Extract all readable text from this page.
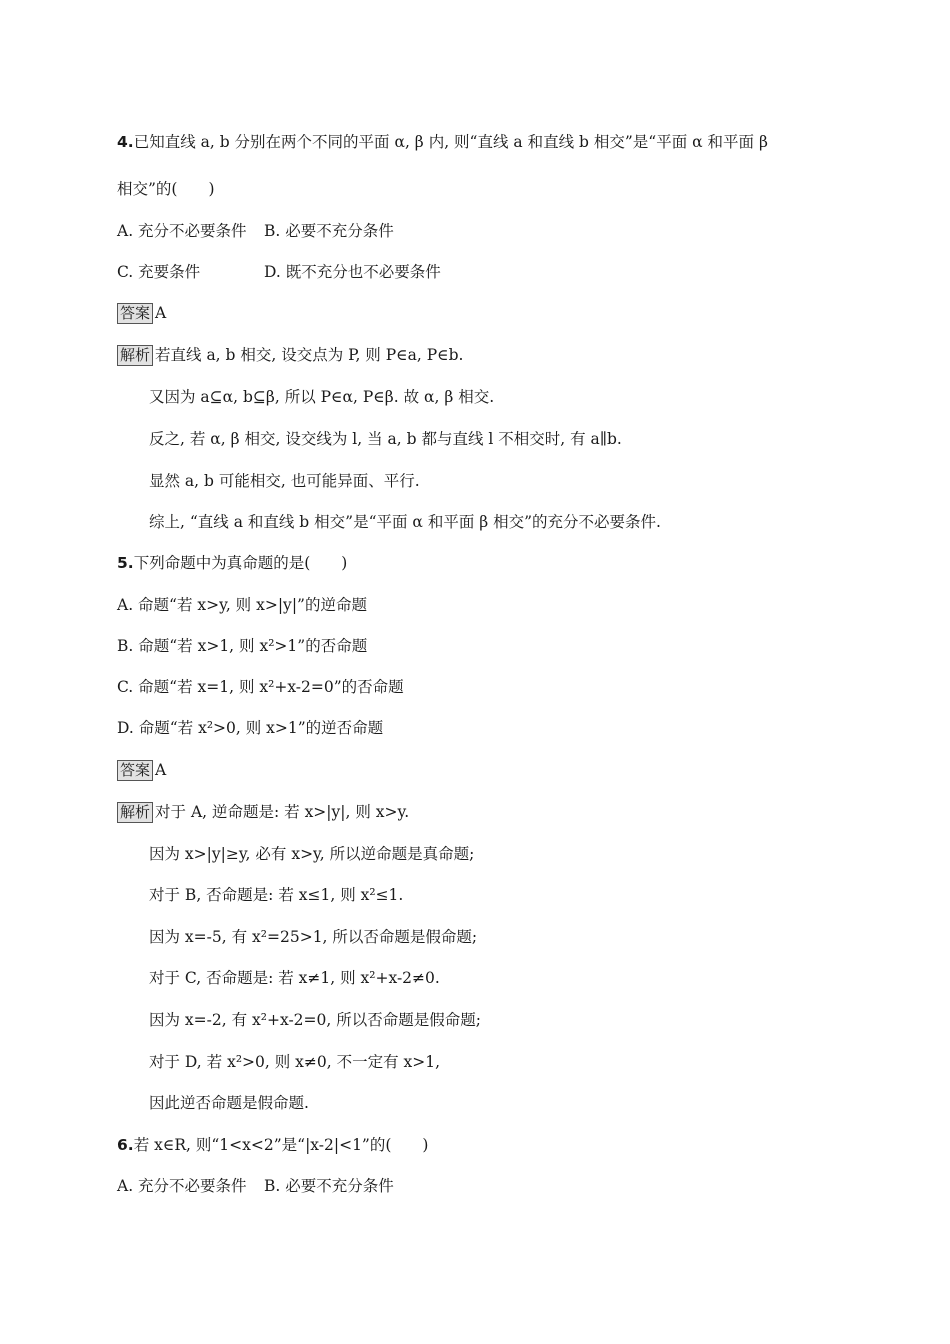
4.已知直线 a, b 分别在两个不同的平面 α, β 内, 则“直线 a 和直线 b 相交”是“平面 α 和平面 β
相交”的(　　)
A. 充分不必要条件 B. 必要不充分条件
C. 充要条件	D. 既不充分也不必要条件
答案 A
解析 若直线 a, b 相交, 设交点为 P, 则 P∈a, P∈b.
又因为 a⊆α, b⊆β, 所以 P∈α, P∈β. 故 α, β 相交.
反之, 若 α, β 相交, 设交线为 l, 当 a, b 都与直线 l 不相交时, 有 a∥b.
显然 a, b 可能相交, 也可能异面、平行.
综上, “直线 a 和直线 b 相交”是“平面 α 和平面 β 相交”的充分不必要条件.
5.下列命题中为真命题的是(　　)
A. 命题“若 x>y, 则 x>|y|”的逆命题
B. 命题“若 x>1, 则 x²>1”的否命题
C. 命题“若 x=1, 则 x²+x-2=0”的否命题
D. 命题“若 x²>0, 则 x>1”的逆否命题
答案 A
解析 对于 A, 逆命题是: 若 x>|y|, 则 x>y.
因为 x>|y|≥y, 必有 x>y, 所以逆命题是真命题;
对于 B, 否命题是: 若 x≤1, 则 x²≤1.
因为 x=-5, 有 x²=25>1, 所以否命题是假命题;
对于 C, 否命题是: 若 x≠1, 则 x²+x-2≠0.
因为 x=-2, 有 x²+x-2=0, 所以否命题是假命题;
对于 D, 若 x²>0, 则 x≠0, 不一定有 x>1,
因此逆否命题是假命题.
6.若 x∈R, 则“1<x<2”是“|x-2|<1”的(　　)
A. 充分不必要条件 B. 必要不充分条件
